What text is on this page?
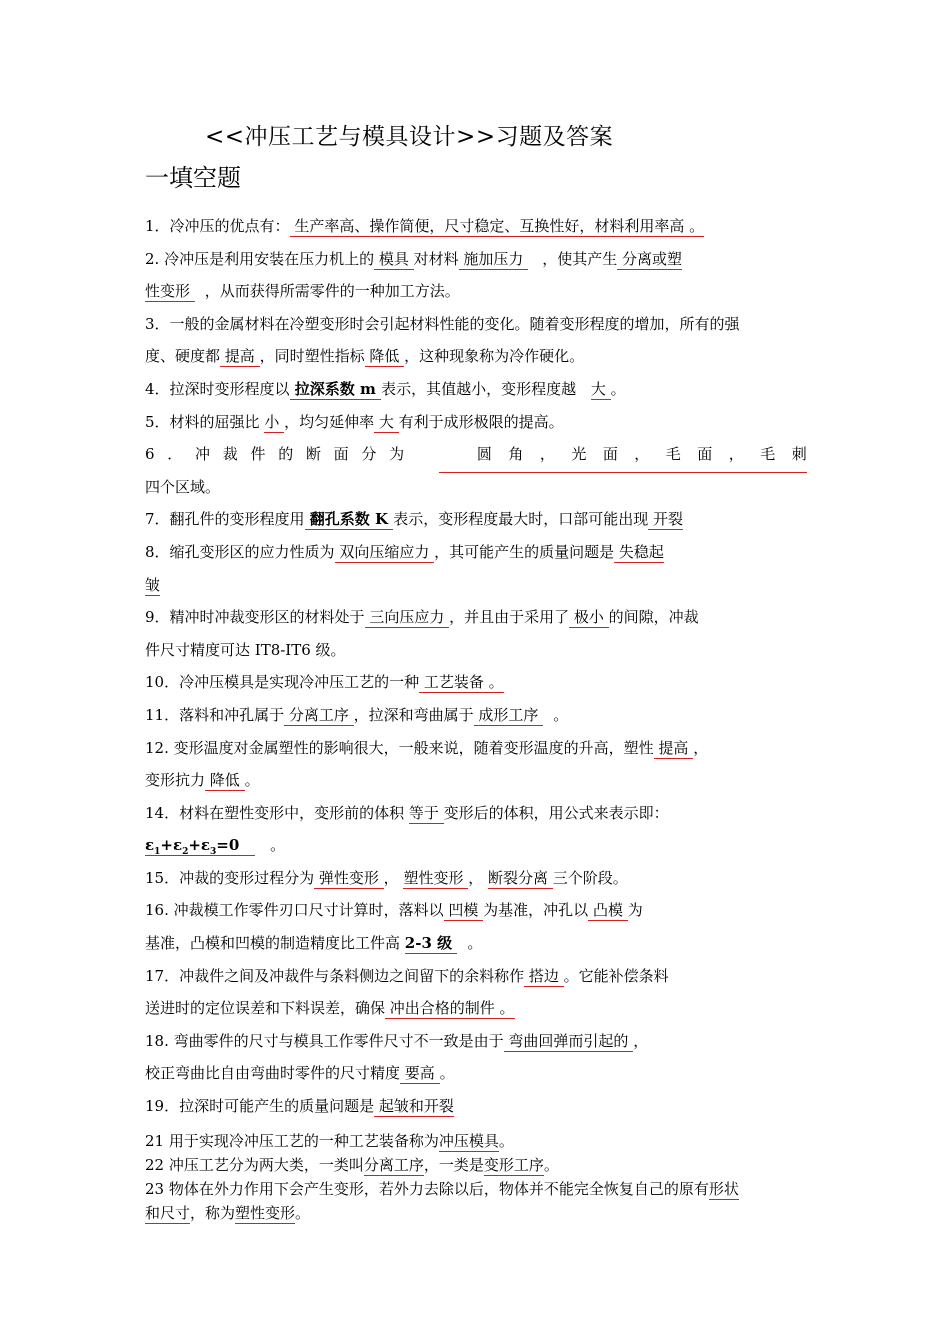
<<冲压工艺与模具设计>>习题及答案
一填空题
1．冷冲压的优点有： 生产率高、操作简便，尺寸稳定、互换性好，材料利用率高 。
2. 冷冲压是利用安装在压力机上的 模具 对材料 施加压力 ，使其产生 分离或塑
性变形 ，从而获得所需零件的一种加工方法。
3．一般的金属材料在冷塑变形时会引起材料性能的变化。随着变形程度的增加，所有的强
度、硬度都 提高 ，同时塑性指标 降低 ，这种现象称为冷作硬化。
4．拉深时变形程度以 拉深系数 m 表示，其值越小，变形程度越 大 。
5．材料的屈强比 小 ，均匀延伸率 大 有利于成形极限的提高。
6 ． 冲 裁 件 的 断 面 分 为	圆 角 ， 光 面 ， 毛 面 ， 毛 刺
四个区域。
7．翻孔件的变形程度用 翻孔系数 K 表示，变形程度最大时，口部可能出现 开裂
8．缩孔变形区的应力性质为 双向压缩应力 ，其可能产生的质量问题是 失稳起
皱
9．精冲时冲裁变形区的材料处于 三向压应力 ，并且由于采用了 极小 的间隙，冲裁
件尺寸精度可达 IT8-IT6 级。
10．冷冲压模具是实现冷冲压工艺的一种 工艺装备 。
11．落料和冲孔属于 分离工序 ，拉深和弯曲属于 成形工序 。
12. 变形温度对金属塑性的影响很大，一般来说，随着变形温度的升高，塑性 提高 ，
变形抗力 降低 。
14．材料在塑性变形中，变形前的体积 等于 变形后的体积，用公式来表示即：
$\varepsilon_1+\varepsilon_2+\varepsilon_3=0$ 。
15．冲裁的变形过程分为 弹性变形 ， 塑性变形 ， 断裂分离 三个阶段。
16. 冲裁模工作零件刃口尺寸计算时，落料以 凹模 为基准，冲孔以 凸模 为
基准，凸模和凹模的制造精度比工件高 2-3 级 。
17．冲裁件之间及冲裁件与条料侧边之间留下的余料称作 搭边 。它能补偿条料
送进时的定位误差和下料误差，确保 冲出合格的制件 。
18. 弯曲零件的尺寸与模具工作零件尺寸不一致是由于 弯曲回弹而引起的 ，
校正弯曲比自由弯曲时零件的尺寸精度 要高 。
19．拉深时可能产生的质量问题是 起皱和开裂
21 用于实现冷冲压工艺的一种工艺装备称为冲压模具。
22 冲压工艺分为两大类，一类叫分离工序，一类是变形工序。
23 物体在外力作用下会产生变形，若外力去除以后，物体并不能完全恢复自己的原有形状
和尺寸，称为塑性变形。
